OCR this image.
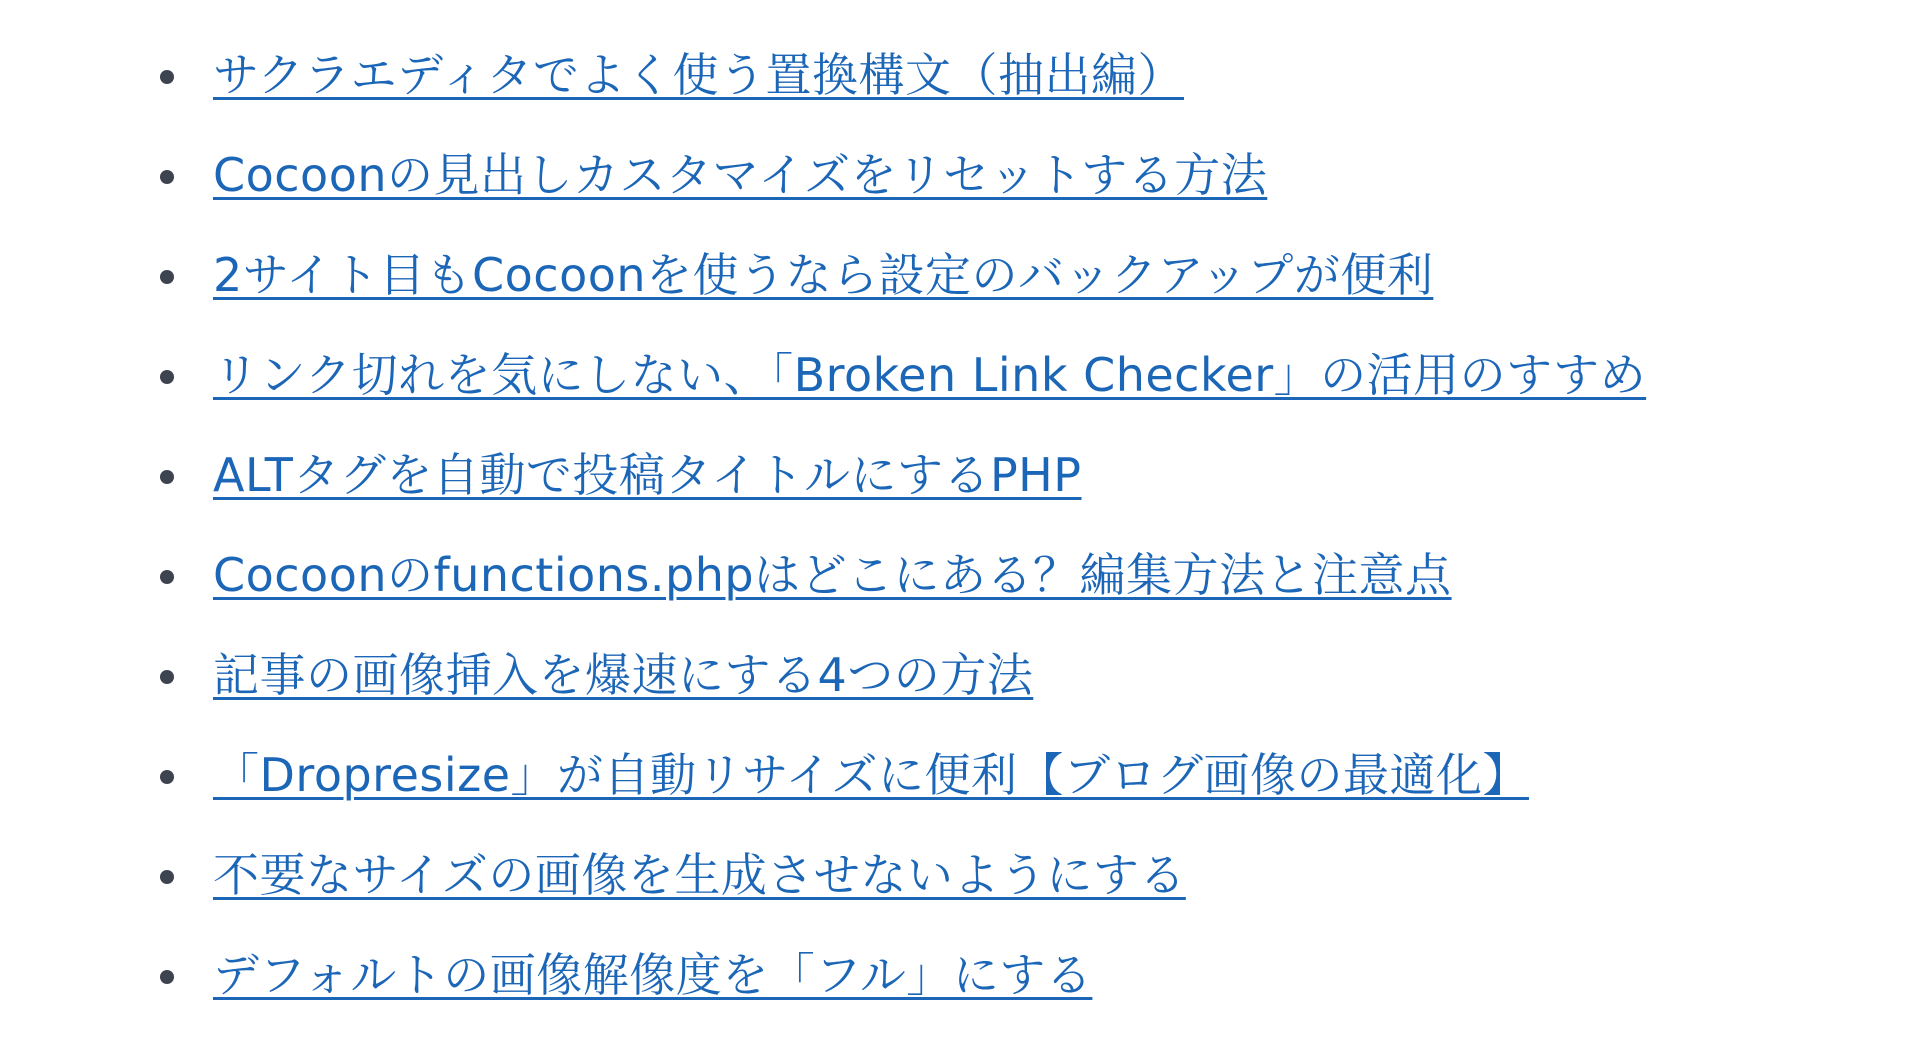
サクラエディタでよく使う置換構文（抽出編）
Cocoonの見出しカスタマイズをリセットする方法
2サイト目もCocoonを使うなら設定のバックアップが便利
リンク切れを気にしない、「Broken Link Checker」の活用のすすめ
ALTタグを自動で投稿タイトルにするPHP
Cocoonのfunctions.phpはどこにある？編集方法と注意点
記事の画像挿入を爆速にする4つの方法
「Dropresize」が自動リサイズに便利【ブログ画像の最適化】
不要なサイズの画像を生成させないようにする
デフォルトの画像解像度を「フル」にする
